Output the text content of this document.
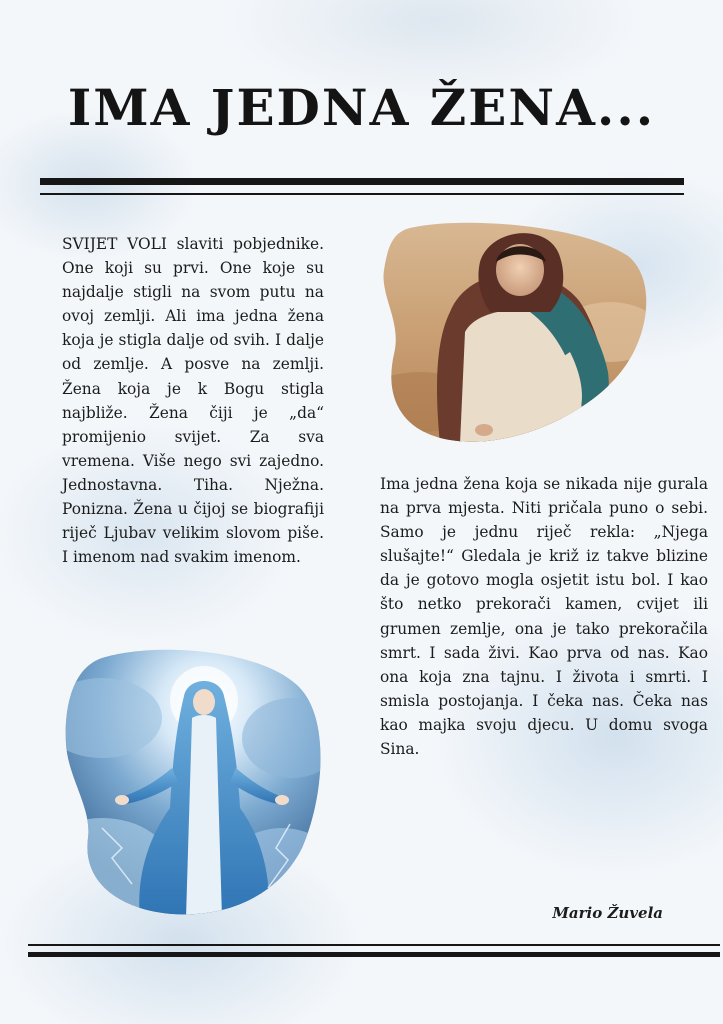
IMA JEDNA ŽENA...

SVIJET VOLI slaviti pobjednike. One koji su prvi. One koje su najdalje stigli na svom putu na ovoj zemlji. Ali ima jedna žena koja je stigla dalje od svih. I dalje od zemlje. A posve na zemlji. Žena koja je k Bogu stigla najbliže. Žena čiji je „da“ promijenio svijet. Za sva vremena. Više nego svi zajedno. Jednostavna. Tiha. Nježna. Ponizna. Žena u čijoj se biografiji riječ Ljubav velikim slovom piše. I imenom nad svakim imenom.

Ima jedna žena koja se nikada nije gurala na prva mjesta. Niti pričala puno o sebi. Samo je jednu riječ rekla: „Njega slušajte!“ Gledala je križ iz takve blizine da je gotovo mogla osjetit istu bol. I kao što netko prekorači kamen, cvijet ili grumen zemlje, ona je tako prekoračila smrt. I sada živi. Kao prva od nas. Kao ona koja zna tajnu. I života i smrti. I smisla postojanja. I čeka nas. Čeka nas kao majka svoju djecu. U domu svoga Sina.

Mario Žuvela
